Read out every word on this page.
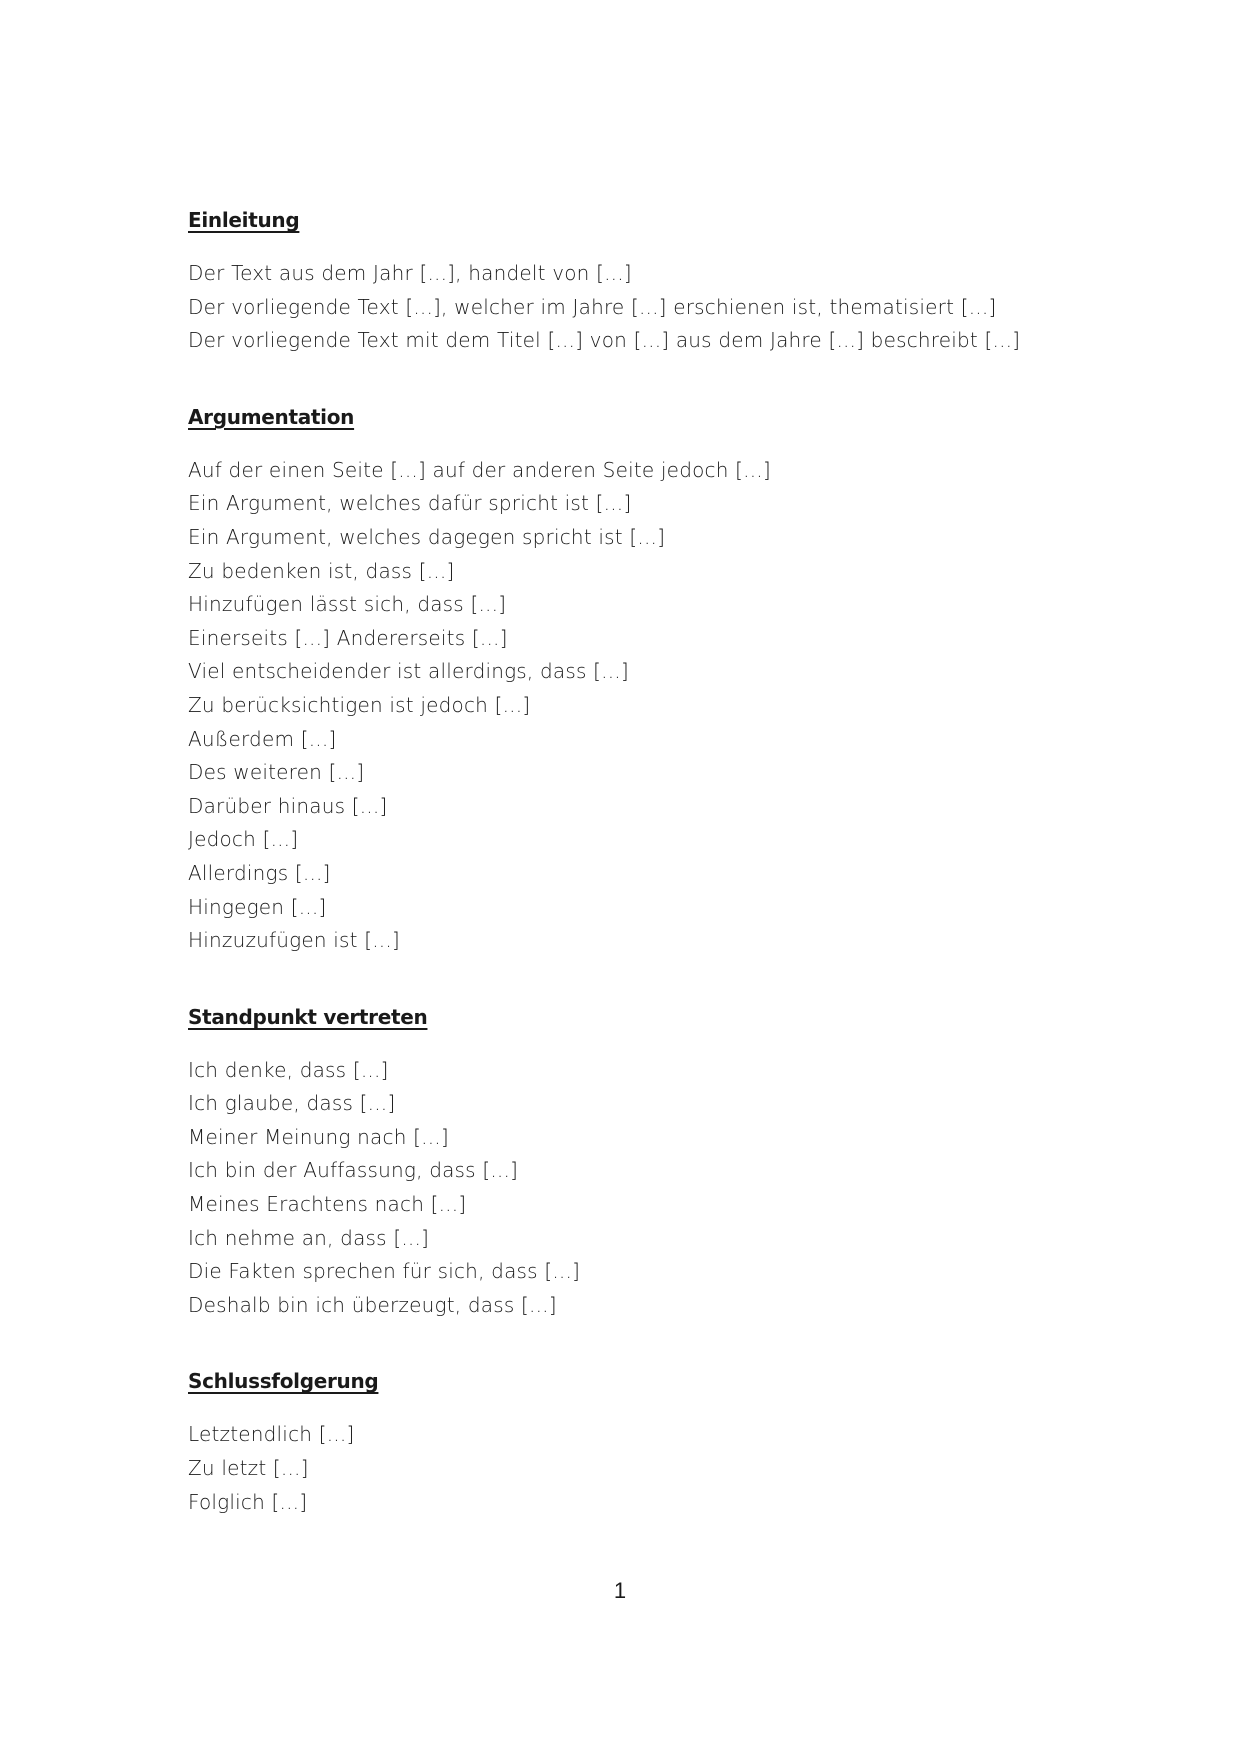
Einleitung
Der Text aus dem Jahr [...], handelt von [...]
Der vorliegende Text [...], welcher im Jahre [...] erschienen ist, thematisiert [...]
Der vorliegende Text mit dem Titel [...] von [...] aus dem Jahre [...] beschreibt [...]
Argumentation
Auf der einen Seite [...] auf der anderen Seite jedoch [...]
Ein Argument, welches dafür spricht ist [...]
Ein Argument, welches dagegen spricht ist [...]
Zu bedenken ist, dass [...]
Hinzufügen lässt sich, dass [...]
Einerseits [...] Andererseits [...]
Viel entscheidender ist allerdings, dass [...]
Zu berücksichtigen ist jedoch [...]
Außerdem [...]
Des weiteren [...]
Darüber hinaus [...]
Jedoch [...]
Allerdings [...]
Hingegen [...]
Hinzuzufügen ist [...]
Standpunkt vertreten
Ich denke, dass [...]
Ich glaube, dass [...]
Meiner Meinung nach [...]
Ich bin der Auffassung, dass [...]
Meines Erachtens nach [...]
Ich nehme an, dass [...]
Die Fakten sprechen für sich, dass [...]
Deshalb bin ich überzeugt, dass [...]
Schlussfolgerung
Letztendlich [...]
Zu letzt [...]
Folglich [...]
1
